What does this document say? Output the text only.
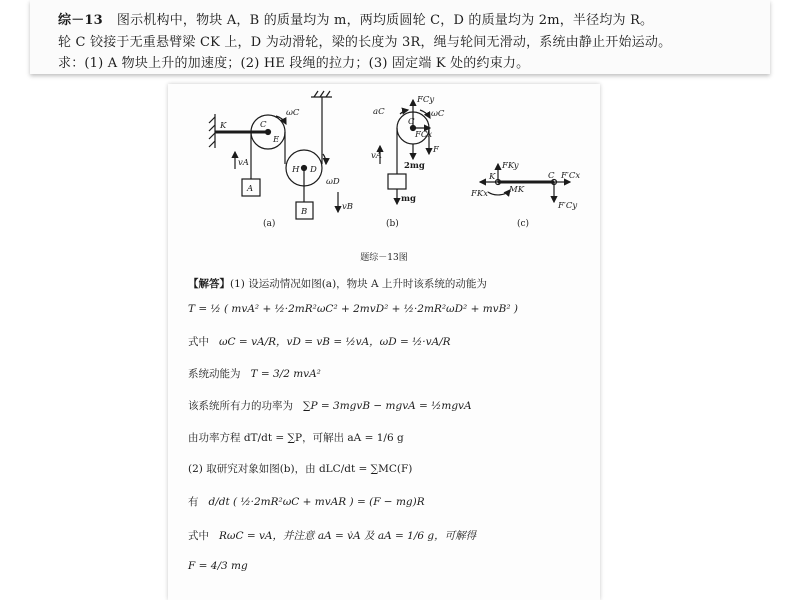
综－13 图示机构中，物块 A，B 的质量均为 m，两均质圆轮 C，D 的质量均为 2m，半径均为 R。
轮 C 铰接于无重悬臂梁 CK 上，D 为动滑轮，梁的长度为 3R，绳与轮间无滑动，系统由静止开始运动。
求：(1) A 物块上升的加速度；(2) HE 段绳的拉力；(3) 固定端 K 处的约束力。
K	C
E
H D
A
B
ωC
ωD
vA
vB
FCy
FCx
C
aC	ωC
2mg
F
vA
mg
K	C
FKy
FKx MK
F′Cx
F′Cy
(a)	(b)	(c)
题综－13图
【解答】(1) 设运动情况如图(a)，物块 A 上升时该系统的动能为
T = ½ ( mvA² + ½·2mR²ωC² + 2mvD² + ½·2mR²ωD² + mvB² )
式中 ωC = vA/R，vD = vB = ½vA，ωD = ½·vA/R
系统动能为 T = 3/2 mvA²
该系统所有力的功率为 ∑P = 3mgvB − mgvA = ½mgvA
由功率方程 dT/dt = ∑P，可解出 aA = 1/6 g
(2) 取研究对象如图(b)，由 dLC/dt = ∑MC(F)
有 d/dt ( ½·2mR²ωC + mvAR ) = (F − mg)R
式中 RωC = vA，并注意 aA = v̇A 及 aA = 1/6 g，可解得
F = 4/3 mg
